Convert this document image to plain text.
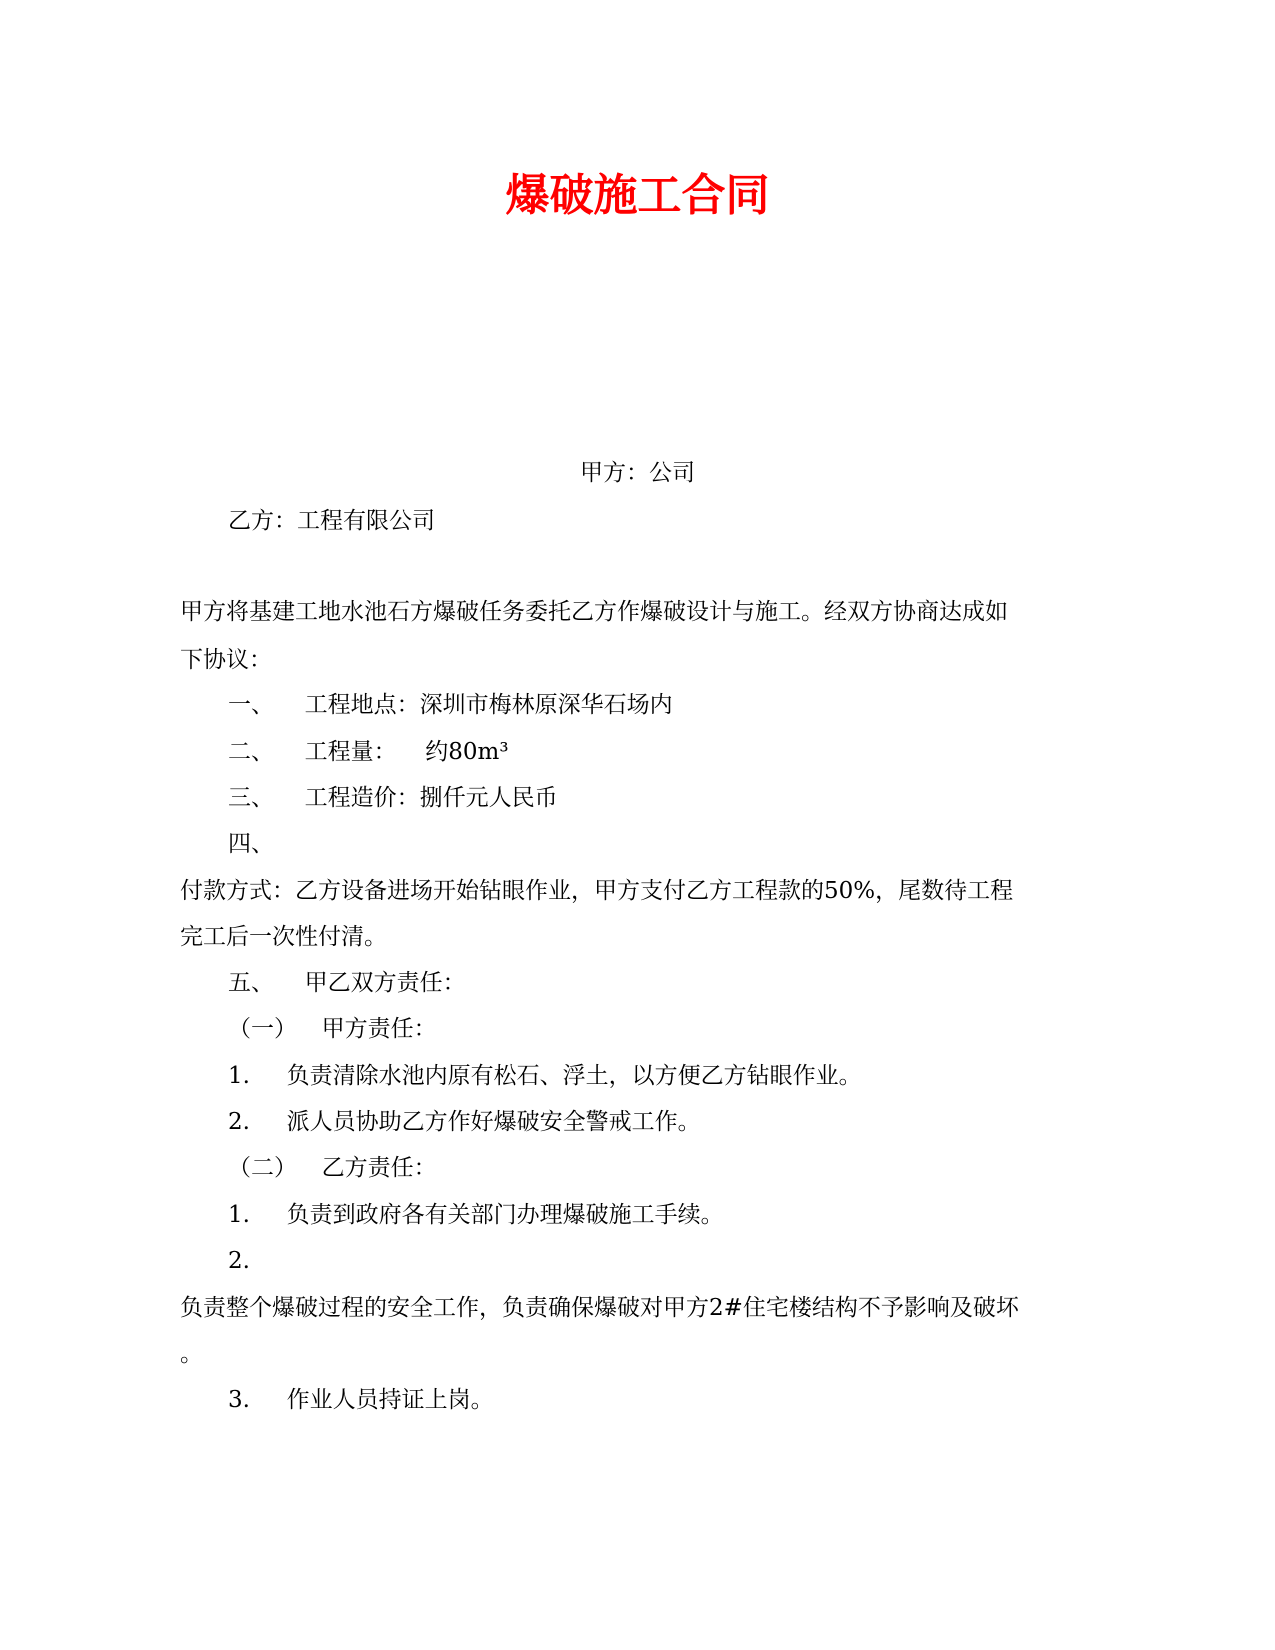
爆破施工合同

甲方：公司

乙方：工程有限公司

甲方将基建工地水池石方爆破任务委托乙方作爆破设计与施工。经双方协商达成如

下协议：

一、 工程地点：深圳市梅林原深华石场内

二、 工程量： 约80m³

三、 工程造价：捌仟元人民币

四、

付款方式：乙方设备进场开始钻眼作业，甲方支付乙方工程款的50%，尾数待工程

完工后一次性付清。

五、 甲乙双方责任：

（一） 甲方责任：

1. 负责清除水池内原有松石、浮土，以方便乙方钻眼作业。

2. 派人员协助乙方作好爆破安全警戒工作。

（二） 乙方责任：

1. 负责到政府各有关部门办理爆破施工手续。

2.

负责整个爆破过程的安全工作，负责确保爆破对甲方2#住宅楼结构不予影响及破坏

。

3. 作业人员持证上岗。
